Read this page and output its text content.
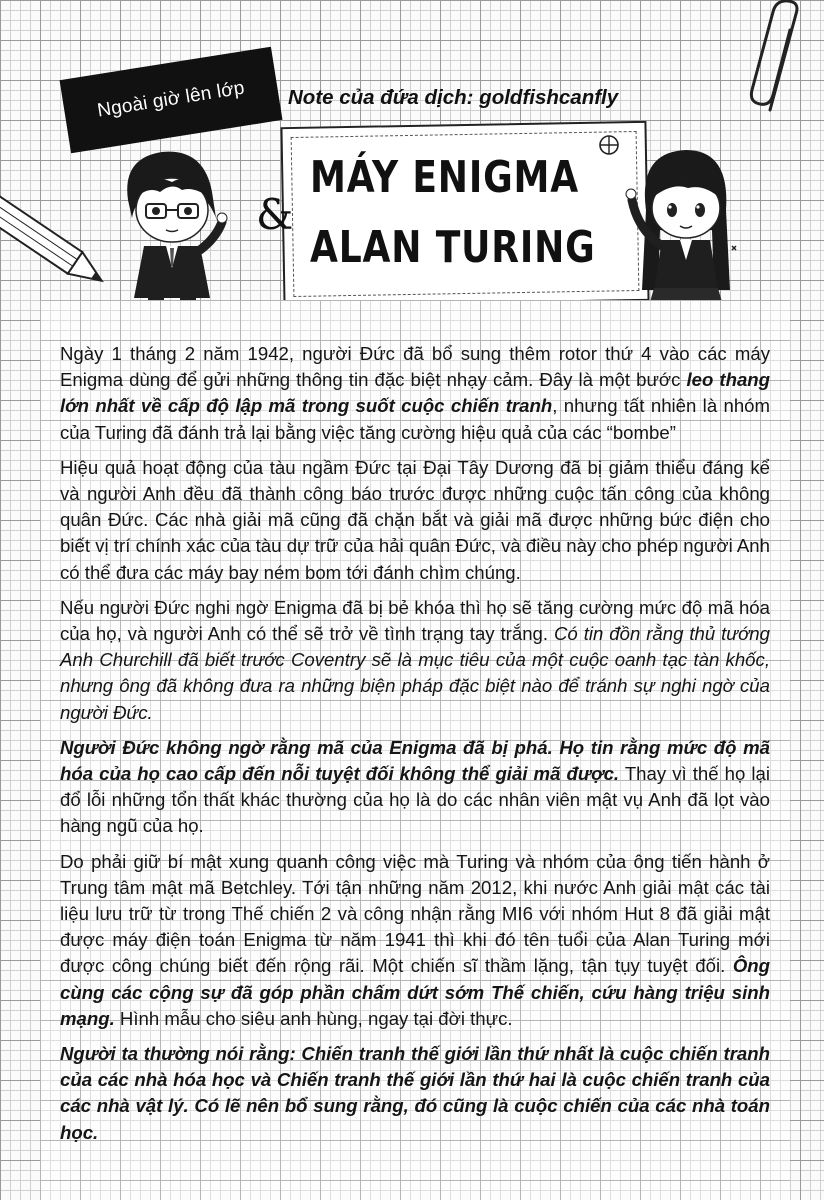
Ngoài giờ lên lớp Note của đứa dịch: goldfishcanfly
MÁY ENIGMA
&
ALAN TURING

Ngày 1 tháng 2 năm 1942, người Đức đã bổ sung thêm rotor thứ 4 vào các máy Enigma dùng để gửi những thông tin đặc biệt nhạy cảm. Đây là một bước leo thang lớn nhất về cấp độ lập mã trong suốt cuộc chiến tranh, nhưng tất nhiên là nhóm của Turing đã đánh trả lại bằng việc tăng cường hiệu quả của các “bombe”

Hiệu quả hoạt động của tàu ngầm Đức tại Đại Tây Dương đã bị giảm thiểu đáng kể và người Anh đều đã thành công báo trước được những cuộc tấn công của không quân Đức. Các nhà giải mã cũng đã chặn bắt và giải mã được những bức điện cho biết vị trí chính xác của tàu dự trữ của hải quân Đức, và điều này cho phép người Anh có thể đưa các máy bay ném bom tới đánh chìm chúng.

Nếu người Đức nghi ngờ Enigma đã bị bẻ khóa thì họ sẽ tăng cường mức độ mã hóa của họ, và người Anh có thể sẽ trở về tình trạng tay trắng. Có tin đồn rằng thủ tướng Anh Churchill đã biết trước Coventry sẽ là mục tiêu của một cuộc oanh tạc tàn khốc, nhưng ông đã không đưa ra những biện pháp đặc biệt nào để tránh sự nghi ngờ của người Đức.

Người Đức không ngờ rằng mã của Enigma đã bị phá. Họ tin rằng mức độ mã hóa của họ cao cấp đến nỗi tuyệt đối không thể giải mã được. Thay vì thế họ lại đổ lỗi những tổn thất khác thường của họ là do các nhân viên mật vụ Anh đã lọt vào hàng ngũ của họ.

Do phải giữ bí mật xung quanh công việc mà Turing và nhóm của ông tiến hành ở Trung tâm mật mã Betchley. Tới tận những năm 2012, khi nước Anh giải mật các tài liệu lưu trữ từ trong Thế chiến 2 và công nhận rằng MI6 với nhóm Hut 8 đã giải mật được máy điện toán Enigma từ năm 1941 thì khi đó tên tuổi của Alan Turing mới được công chúng biết đến rộng rãi. Một chiến sĩ thầm lặng, tận tụy tuyệt đối. Ông cùng các cộng sự đã góp phần chấm dứt sớm Thế chiến, cứu hàng triệu sinh mạng. Hình mẫu cho siêu anh hùng, ngay tại đời thực.

Người ta thường nói rằng: Chiến tranh thế giới lần thứ nhất là cuộc chiến tranh của các nhà hóa học và Chiến tranh thế giới lần thứ hai là cuộc chiến tranh của các nhà vật lý. Có lẽ nên bổ sung rằng, đó cũng là cuộc chiến của các nhà toán học.
